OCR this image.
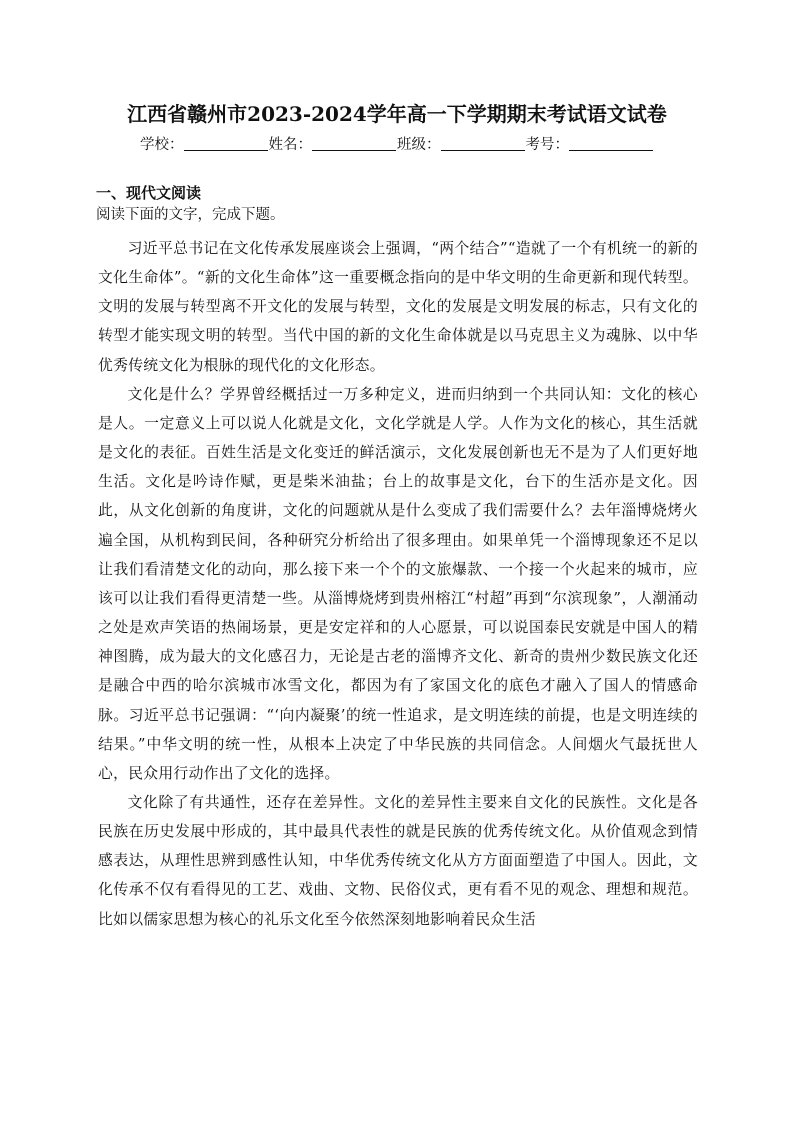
江西省赣州市2023-2024学年高一下学期期末考试语文试卷
学校：	姓名：	班级：	考号：
一、现代文阅读
阅读下面的文字，完成下题。

习近平总书记在文化传承发展座谈会上强调，“两个结合”“造就了一个有机统一的新的文化生命体”。“新的文化生命体”这一重要概念指向的是中华文明的生命更新和现代转型。文明的发展与转型离不开文化的发展与转型，文化的发展是文明发展的标志，只有文化的转型才能实现文明的转型。当代中国的新的文化生命体就是以马克思主义为魂脉、以中华优秀传统文化为根脉的现代化的文化形态。

文化是什么？学界曾经概括过一万多种定义，进而归纳到一个共同认知：文化的核心是人。一定意义上可以说人化就是文化，文化学就是人学。人作为文化的核心，其生活就是文化的表征。百姓生活是文化变迁的鲜活演示，文化发展创新也无不是为了人们更好地生活。文化是吟诗作赋，更是柴米油盐；台上的故事是文化，台下的生活亦是文化。因此，从文化创新的角度讲，文化的问题就从是什么变成了我们需要什么？去年淄博烧烤火遍全国，从机构到民间，各种研究分析给出了很多理由。如果单凭一个淄博现象还不足以让我们看清楚文化的动向，那么接下来一个个的文旅爆款、一个接一个火起来的城市，应该可以让我们看得更清楚一些。从淄博烧烤到贵州榕江“村超”再到“尔滨现象”，人潮涌动之处是欢声笑语的热闹场景，更是安定祥和的人心愿景，可以说国泰民安就是中国人的精神图腾，成为最大的文化感召力，无论是古老的淄博齐文化、新奇的贵州少数民族文化还是融合中西的哈尔滨城市冰雪文化，都因为有了家国文化的底色才融入了国人的情感命脉。习近平总书记强调：“‘向内凝聚’的统一性追求，是文明连续的前提，也是文明连续的结果。”中华文明的统一性，从根本上决定了中华民族的共同信念。人间烟火气最抚世人心，民众用行动作出了文化的选择。

文化除了有共通性，还存在差异性。文化的差异性主要来自文化的民族性。文化是各民族在历史发展中形成的，其中最具代表性的就是民族的优秀传统文化。从价值观念到情感表达，从理性思辨到感性认知，中华优秀传统文化从方方面面塑造了中国人。因此，文化传承不仅有看得见的工艺、戏曲、文物、民俗仪式，更有看不见的观念、理想和规范。比如以儒家思想为核心的礼乐文化至今依然深刻地影响着民众生活
